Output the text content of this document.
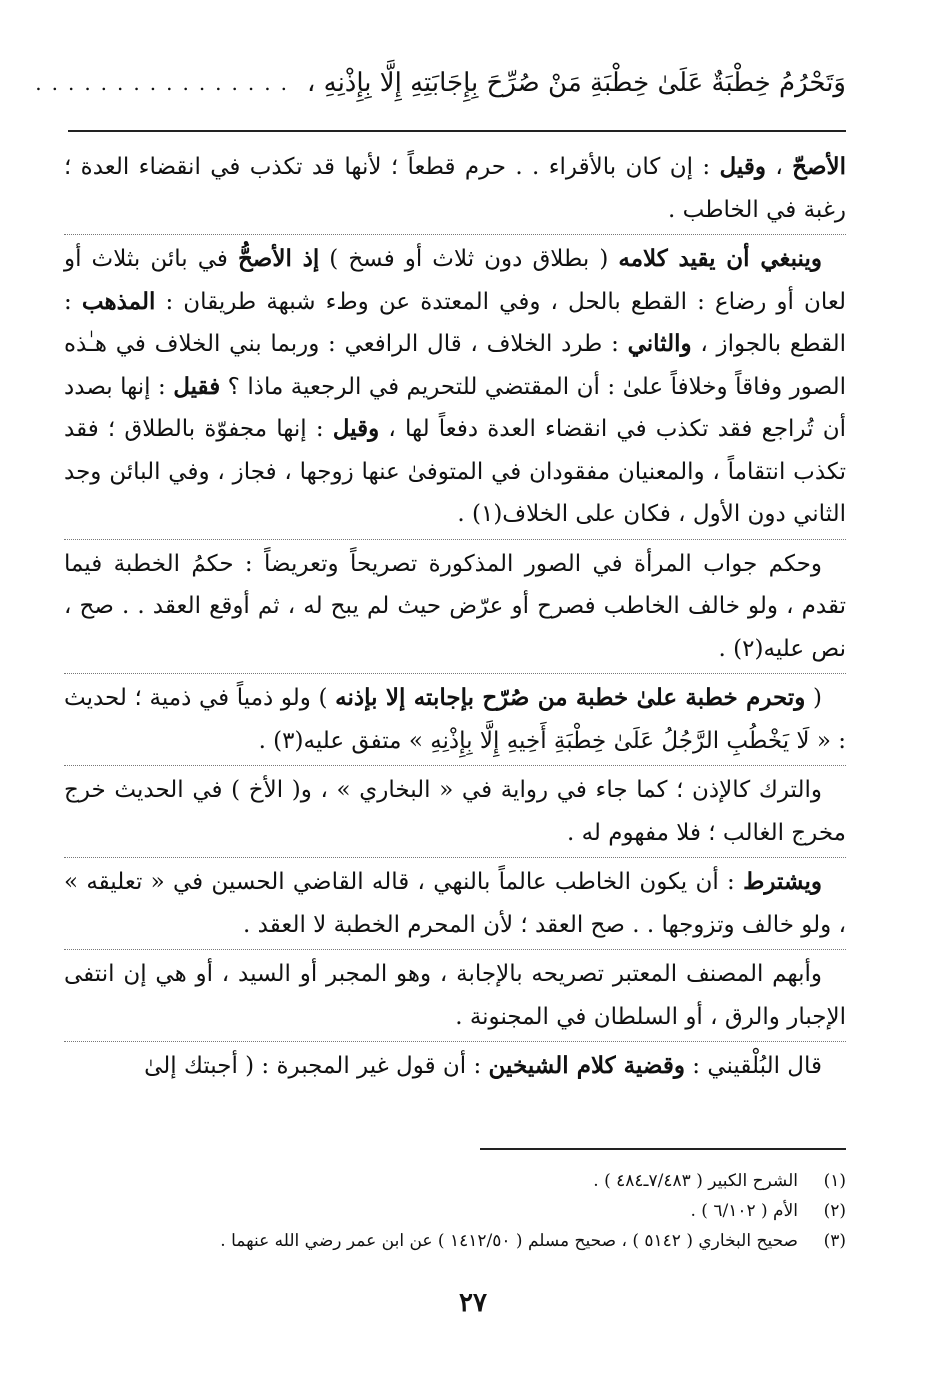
وَتَحْرُمُ خِطْبَةٌ عَلَىٰ خِطْبَةِ مَنْ صُرِّحَ بِإِجَابَتِهِ إِلَّا بِإِذْنِهِ ،
................

الأصحّ ، وقيل : إن كان بالأقراء . . حرم قطعاً ؛ لأنها قد تكذب في انقضاء العدة ؛ رغبة في الخاطب .

وينبغي أن يقيد كلامه ( بطلاق دون ثلاث أو فسخ ) إذ الأصحُّ في بائن بثلاث أو لعان أو رضاع : القطع بالحل ، وفي المعتدة عن وطء شبهة طريقان : المذهب : القطع بالجواز ، والثاني : طرد الخلاف ، قال الرافعي : وربما بني الخلاف في هـٰذه الصور وفاقاً وخلافاً علىٰ : أن المقتضي للتحريم في الرجعية ماذا ؟ فقيل : إنها بصدد أن تُراجع فقد تكذب في انقضاء العدة دفعاً لها ، وقيل : إنها مجفوّة بالطلاق ؛ فقد تكذب انتقاماً ، والمعنيان مفقودان في المتوفىٰ عنها زوجها ، فجاز ، وفي البائن وجد الثاني دون الأول ، فكان على الخلاف(١) .

وحكم جواب المرأة في الصور المذكورة تصريحاً وتعريضاً : حكمُ الخطبة فيما تقدم ، ولو خالف الخاطب فصرح أو عرّض حيث لم يبح له ، ثم أوقع العقد . . صح ، نص عليه(٢) .

( وتحرم خطبة علىٰ خطبة من صُرّح بإجابته إلا بإذنه ) ولو ذمياً في ذمية ؛ لحديث : « لَا يَخْطُبِ الرَّجُلُ عَلَىٰ خِطْبَةِ أَخِيهِ إِلَّا بِإِذْنِهِ » متفق عليه(٣) .

والترك كالإذن ؛ كما جاء في رواية في « البخاري » ، و( الأخ ) في الحديث خرج مخرج الغالب ؛ فلا مفهوم له .

ويشترط : أن يكون الخاطب عالماً بالنهي ، قاله القاضي الحسين في « تعليقه » ، ولو خالف وتزوجها . . صح العقد ؛ لأن المحرم الخطبة لا العقد .

وأبهم المصنف المعتبر تصريحه بالإجابة ، وهو المجبر أو السيد ، أو هي إن انتفى الإجبار والرق ، أو السلطان في المجنونة .

قال البُلْقيني : وقضية كلام الشيخين : أن قول غير المجبرة : ( أجبتك إلىٰ

(١)
الشرح الكبير ( ٧/٤٨٣ـ٤٨٤ ) .
(٢)
الأم ( ٦/١٠٢ ) .
(٣)
صحيح البخاري ( ٥١٤٢ ) ، صحيح مسلم ( ١٤١٢/٥٠ ) عن ابن عمر رضي الله عنهما .
٢٧
